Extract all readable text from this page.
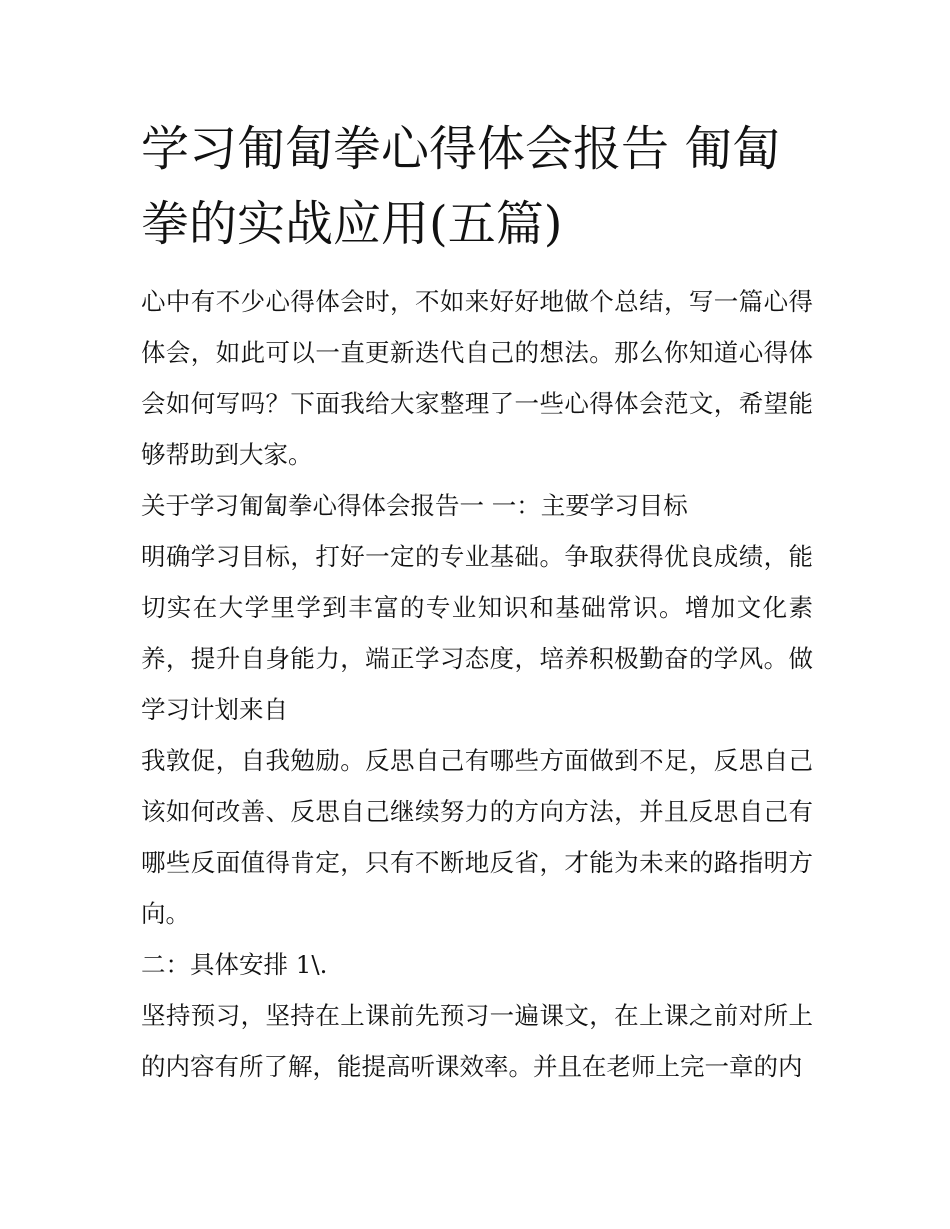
学习匍匐拳心得体会报告 匍匐拳的实战应用(五篇)

心中有不少心得体会时，不如来好好地做个总结，写一篇心得体会，如此可以一直更新迭代自己的想法。那么你知道心得体会如何写吗？下面我给大家整理了一些心得体会范文，希望能够帮助到大家。

关于学习匍匐拳心得体会报告一 一：主要学习目标

明确学习目标，打好一定的专业基础。争取获得优良成绩，能切实在大学里学到丰富的专业知识和基础常识。增加文化素养，提升自身能力，端正学习态度，培养积极勤奋的学风。做学习计划来自

我敦促，自我勉励。反思自己有哪些方面做到不足，反思自己该如何改善、反思自己继续努力的方向方法，并且反思自己有哪些反面值得肯定，只有不断地反省，才能为未来的路指明方向。

二：具体安排 1\.

坚持预习，坚持在上课前先预习一遍课文，在上课之前对所上的内容有所了解，能提高听课效率。并且在老师上完一章的内
